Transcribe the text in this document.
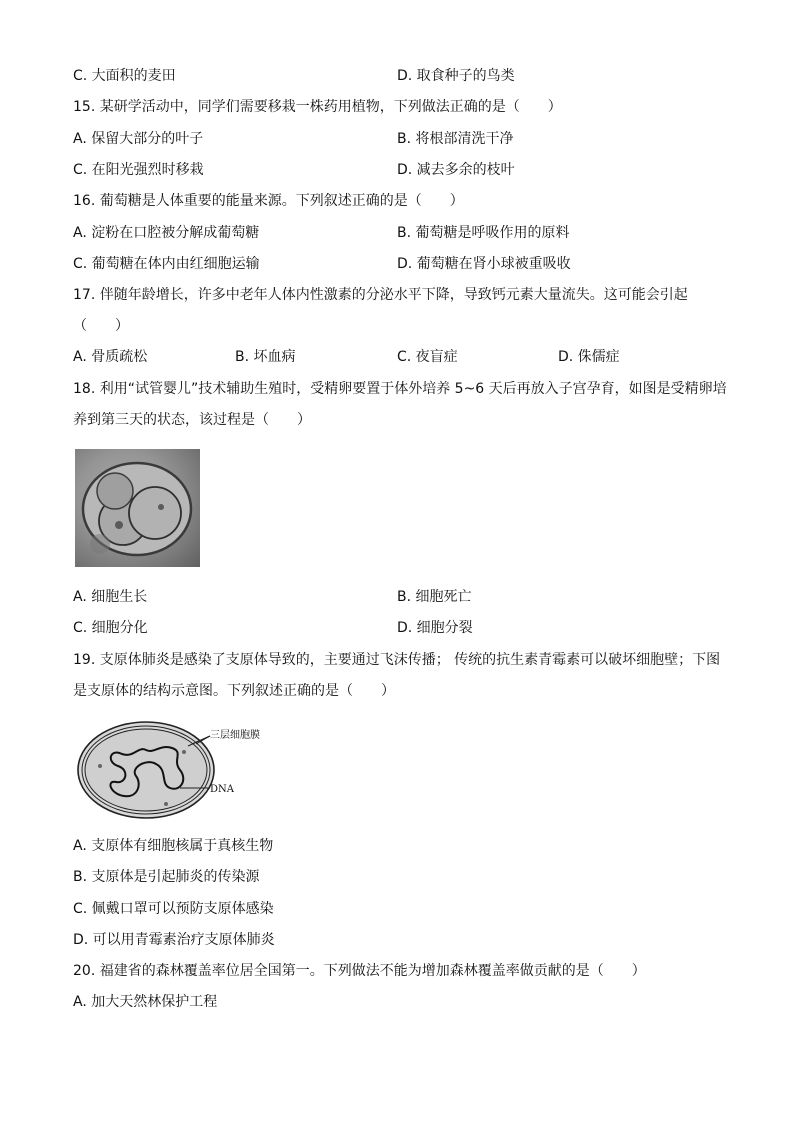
C. 大面积的麦田	D. 取食种子的鸟类
15. 某研学活动中，同学们需要移栽一株药用植物，下列做法正确的是（　　）
A. 保留大部分的叶子	B. 将根部清洗干净
C. 在阳光强烈时移栽	D. 减去多余的枝叶
16. 葡萄糖是人体重要的能量来源。下列叙述正确的是（　　）
A. 淀粉在口腔被分解成葡萄糖	B. 葡萄糖是呼吸作用的原料
C. 葡萄糖在体内由红细胞运输	D. 葡萄糖在肾小球被重吸收
17. 伴随年龄增长，许多中老年人体内性激素的分泌水平下降，导致钙元素大量流失。这可能会引起
（　　）
A. 骨质疏松	B. 坏血病	C. 夜盲症	D. 侏儒症
18. 利用“试管婴儿”技术辅助生殖时，受精卵要置于体外培养 5~6 天后再放入子宫孕育，如图是受精卵培
养到第三天的状态，该过程是（　　）
A. 细胞生长	B. 细胞死亡
C. 细胞分化	D. 细胞分裂
19. 支原体肺炎是感染了支原体导致的，主要通过飞沫传播； 传统的抗生素青霉素可以破坏细胞壁；下图
是支原体的结构示意图。下列叙述正确的是（　　）
A. 支原体有细胞核属于真核生物
B. 支原体是引起肺炎的传染源
C. 佩戴口罩可以预防支原体感染
D. 可以用青霉素治疗支原体肺炎
20. 福建省的森林覆盖率位居全国第一。下列做法不能为增加森林覆盖率做贡献的是（　　）
A. 加大天然林保护工程
三层细胞膜
DNA
